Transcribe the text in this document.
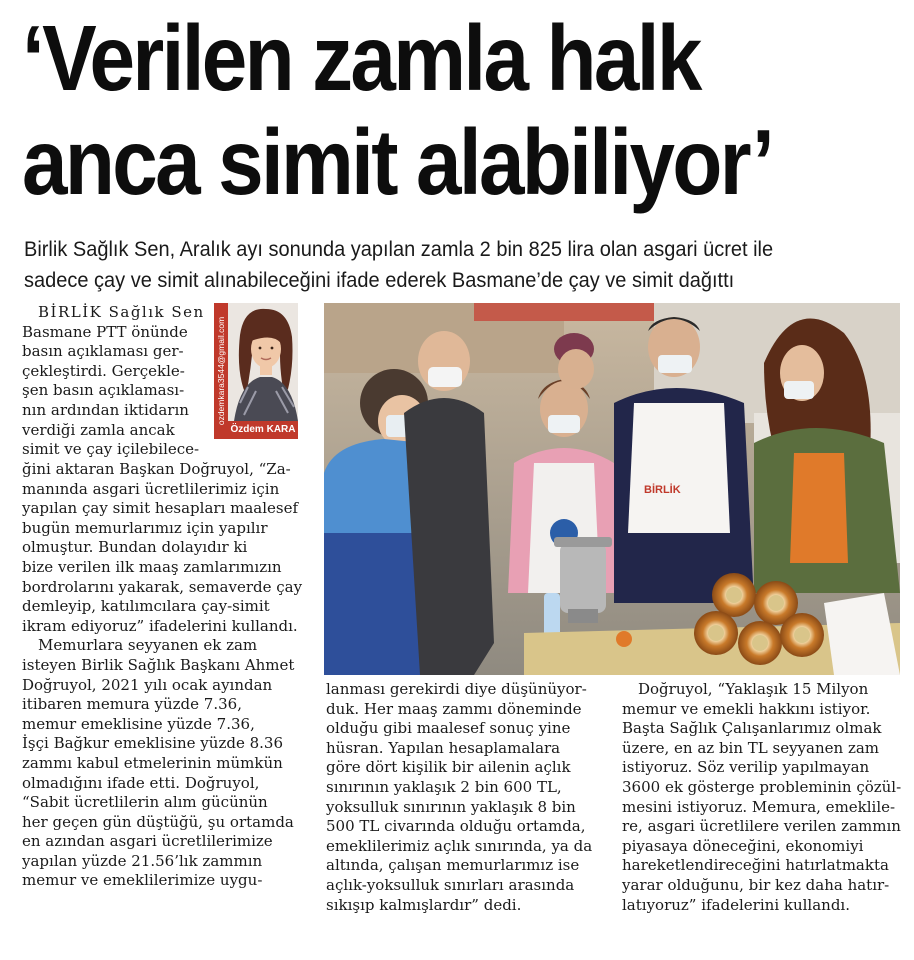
‘Verilen zamla halk
anca simit alabiliyor’

Birlik Sağlık Sen, Aralık ayı sonunda yapılan zamla 2 bin 825 lira olan asgari ücret ile
sadece çay ve simit alınabileceğini ifade ederek Basmane’de çay ve simit dağıttı

BİRLİK Sağlık Sen
Basmane PTT önünde
basın açıklaması ger-
çekleştirdi. Gerçekle-
şen basın açıklaması-
nın ardından iktidarın
verdiği zamla ancak
simit ve çay içilebilece-
ozdemkara3544@gmail.com
Özdem KARA
ğini aktaran Başkan Doğruyol, “Za-
manında asgari ücretlilerimiz için
yapılan çay simit hesapları maalesef
bugün memurlarımız için yapılır
olmuştur. Bundan dolayıdır ki
bize verilen ilk maaş zamlarımızın
bordrolarını yakarak, semaverde çay
demleyip, katılımcılara çay-simit
ikram ediyoruz” ifadelerini kullandı.
Memurlara seyyanen ek zam
isteyen Birlik Sağlık Başkanı Ahmet
Doğruyol, 2021 yılı ocak ayından
itibaren memura yüzde 7.36,
memur emeklisine yüzde 7.36,
İşçi Bağkur emeklisine yüzde 8.36
zammı kabul etmelerinin mümkün
olmadığını ifade etti. Doğruyol,
“Sabit ücretlilerin alım gücünün
her geçen gün düştüğü, şu ortamda
en azından asgari ücretlilerimize
yapılan yüzde 21.56’lık zammın
memur ve emeklilerimize uygu-
BİRLİK
lanması gerekirdi diye düşünüyor-
duk. Her maaş zammı döneminde
olduğu gibi maalesef sonuç yine
hüsran. Yapılan hesaplamalara
göre dört kişilik bir ailenin açlık
sınırının yaklaşık 2 bin 600 TL,
yoksulluk sınırının yaklaşık 8 bin
500 TL civarında olduğu ortamda,
emeklilerimiz açlık sınırında, ya da
altında, çalışan memurlarımız ise
açlık-yoksulluk sınırları arasında
sıkışıp kalmışlardır” dedi.
Doğruyol, “Yaklaşık 15 Milyon
memur ve emekli hakkını istiyor.
Başta Sağlık Çalışanlarımız olmak
üzere, en az bin TL seyyanen zam
istiyoruz. Söz verilip yapılmayan
3600 ek gösterge probleminin çözül-
mesini istiyoruz. Memura, emeklile-
re, asgari ücretlilere verilen zammın
piyasaya döneceğini, ekonomiyi
hareketlendireceğini hatırlatmakta
yarar olduğunu, bir kez daha hatır-
latıyoruz” ifadelerini kullandı.
